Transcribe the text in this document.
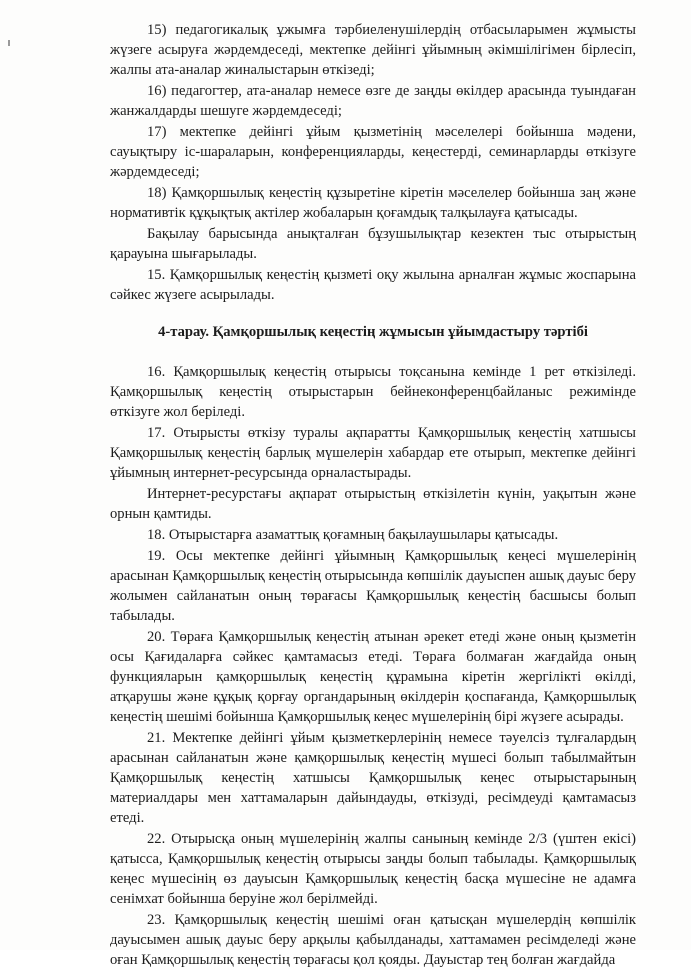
15) педагогикалық ұжымға тәрбиеленушілердің отбасыларымен жұмысты жүзеге асыруға жәрдемдеседі, мектепке дейінгі ұйымның әкімшілігімен бірлесіп, жалпы ата-аналар жиналыстарын өткізеді;

16) педагогтер, ата-аналар немесе өзге де заңды өкілдер арасында туындаған жанжалдарды шешуге жәрдемдеседі;

17) мектепке дейінгі ұйым қызметінің мәселелері бойынша мәдени, сауықтыру іс-шараларын, конференцияларды, кеңестерді, семинарларды өткізуге жәрдемдеседі;

18) Қамқоршылық кеңестің құзыретіне кіретін мәселелер бойынша заң және нормативтік құқықтық актілер жобаларын қоғамдық талқылауға қатысады.

Бақылау барысында анықталған бұзушылықтар кезектен тыс отырыстың қарауына шығарылады.

15. Қамқоршылық кеңестің қызметі оқу жылына арналған жұмыс жоспарына сәйкес жүзеге асырылады.

4-тарау. Қамқоршылық кеңестің жұмысын ұйымдастыру тәртібі

16. Қамқоршылық кеңестің отырысы тоқсанына кемінде 1 рет өткізіледі. Қамқоршылық кеңестің отырыстарын бейнеконференцбайланыс режимінде өткізуге жол беріледі.

17. Отырысты өткізу туралы ақпаратты Қамқоршылық кеңестің хатшысы Қамқоршылық кеңестің барлық мүшелерін хабардар ете отырып, мектепке дейінгі ұйымның интернет-ресурсында орналастырады.

Интернет-ресурстағы ақпарат отырыстың өткізілетін күнін, уақытын және орнын қамтиды.

18. Отырыстарға азаматтық қоғамның бақылаушылары қатысады.

19. Осы мектепке дейінгі ұйымның Қамқоршылық кеңесі мүшелерінің арасынан Қамқоршылық кеңестің отырысында көпшілік дауыспен ашық дауыс беру жолымен сайланатын оның төрағасы Қамқоршылық кеңестің басшысы болып табылады.

20. Төраға Қамқоршылық кеңестің атынан әрекет етеді және оның қызметін осы Қағидаларға сәйкес қамтамасыз етеді. Төраға болмаған жағдайда оның функцияларын қамқоршылық кеңестің құрамына кіретін жергілікті өкілді, атқарушы және құқық қорғау органдарының өкілдерін қоспағанда, Қамқоршылық кеңестің шешімі бойынша Қамқоршылық кеңес мүшелерінің бірі жүзеге асырады.

21. Мектепке дейінгі ұйым қызметкерлерінің немесе тәуелсіз тұлғалардың арасынан сайланатын және қамқоршылық кеңестің мүшесі болып табылмайтын Қамқоршылық кеңестің хатшысы Қамқоршылық кеңес отырыстарының материалдары мен хаттамаларын дайындауды, өткізуді, ресімдеуді қамтамасыз етеді.

22. Отырысқа оның мүшелерінің жалпы санының кемінде 2/3 (үштен екісі) қатысса, Қамқоршылық кеңестің отырысы заңды болып табылады. Қамқоршылық кеңес мүшесінің өз дауысын Қамқоршылық кеңестің басқа мүшесіне не адамға сенімхат бойынша беруіне жол берілмейді.

23. Қамқоршылық кеңестің шешімі оған қатысқан мүшелердің көпшілік дауысымен ашық дауыс беру арқылы қабылданады, хаттамамен ресімделеді және оған Қамқоршылық кеңестің төрағасы қол қояды. Дауыстар тең болған жағдайда
